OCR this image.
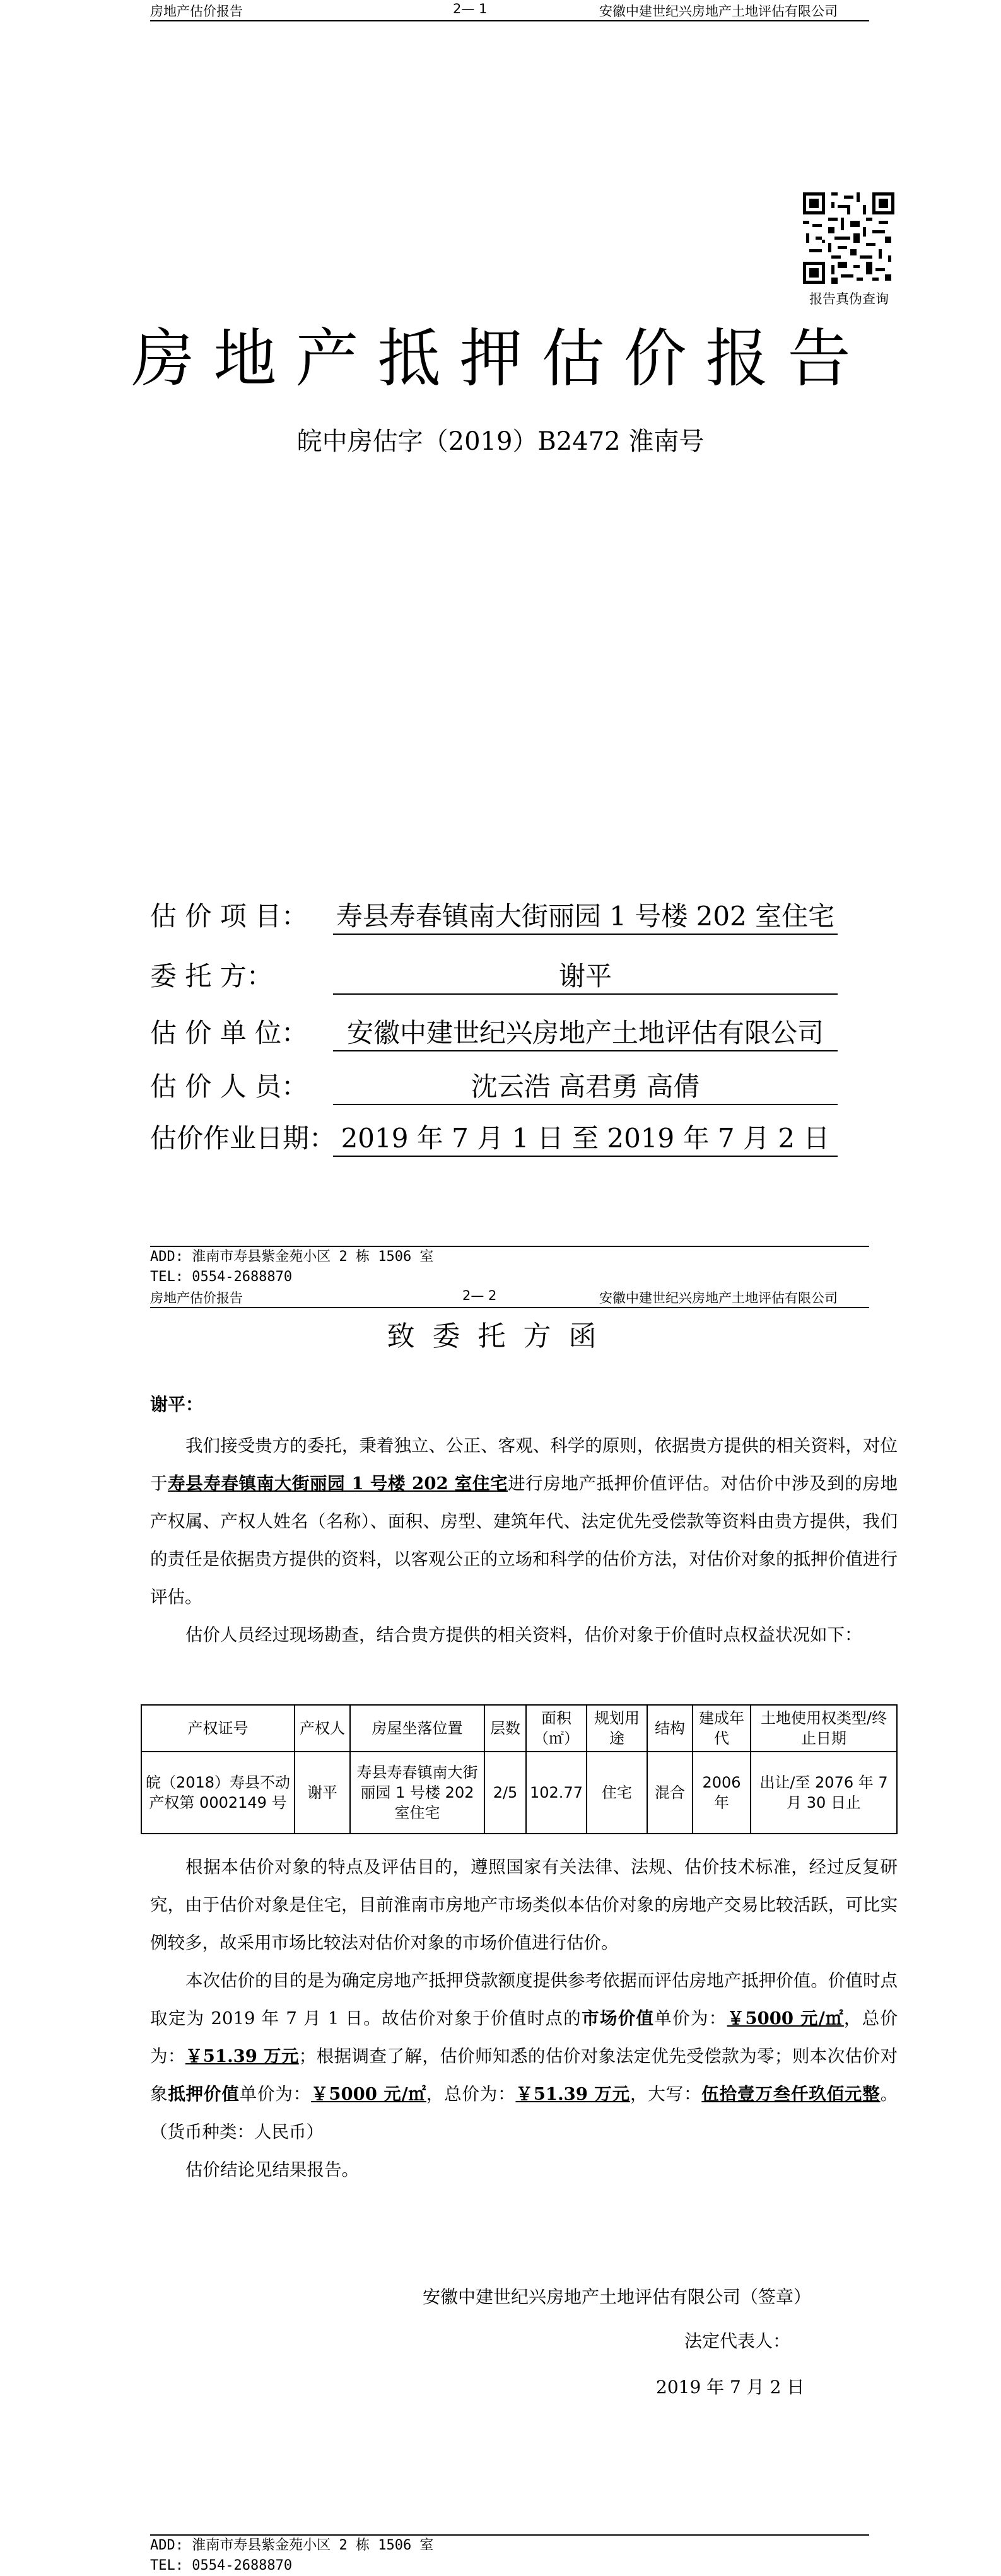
房地产估价报告	2— 1	安徽中建世纪兴房地产土地评估有限公司
报告真伪查询
房地产抵押估价报告
皖中房估字（2019）B2472 淮南号
估 价 项 目： 寿县寿春镇南大街丽园 1 号楼 202 室住宅
委 托 方：	谢平
估 价 单 位：	安徽中建世纪兴房地产土地评估有限公司
估 价 人 员：	沈云浩 高君勇 高倩
估价作业日期： 2019 年 7 月 1 日 至 2019 年 7 月 2 日
ADD: 淮南市寿县紫金苑小区 2 栋 1506 室
TEL: 0554-2688870
房地产估价报告	2— 2	安徽中建世纪兴房地产土地评估有限公司
致委托方函
谢平：

我们接受贵方的委托，秉着独立、公正、客观、科学的原则，依据贵方提供的相关资料，对位于寿县寿春镇南大街丽园 1 号楼 202 室住宅进行房地产抵押价值评估。对估价中涉及到的房地产权属、产权人姓名（名称）、面积、房型、建筑年代、法定优先受偿款等资料由贵方提供，我们的责任是依据贵方提供的资料，以客观公正的立场和科学的估价方法，对估价对象的抵押价值进行评估。

估价人员经过现场勘查，结合贵方提供的相关资料，估价对象于价值时点权益状况如下：

产权证号	产权人	房屋坐落位置	层数	面积（㎡）	规划用途	结构	建成年代	土地使用权类型/终止日期
皖（2018）寿县不动产权第 0002149 号	谢平	寿县寿春镇南大街丽园 1 号楼 202 室住宅	2/5	102.77	住宅	混合	2006 年	出让/至 2076 年 7 月 30 日止

根据本估价对象的特点及评估目的，遵照国家有关法律、法规、估价技术标准，经过反复研究，由于估价对象是住宅，目前淮南市房地产市场类似本估价对象的房地产交易比较活跃，可比实例较多，故采用市场比较法对估价对象的市场价值进行估价。

本次估价的目的是为确定房地产抵押贷款额度提供参考依据而评估房地产抵押价值。价值时点取定为 2019 年 7 月 1 日。故估价对象于价值时点的市场价值单价为：￥5000 元/㎡，总价为：￥51.39 万元；根据调查了解，估价师知悉的估价对象法定优先受偿款为零；则本次估价对象抵押价值单价为：￥5000 元/㎡，总价为：￥51.39 万元，大写：伍拾壹万叁仟玖佰元整。（货币种类：人民币）

估价结论见结果报告。

安徽中建世纪兴房地产土地评估有限公司（签章）
法定代表人：
2019 年 7 月 2 日
ADD: 淮南市寿县紫金苑小区 2 栋 1506 室
TEL: 0554-2688870
